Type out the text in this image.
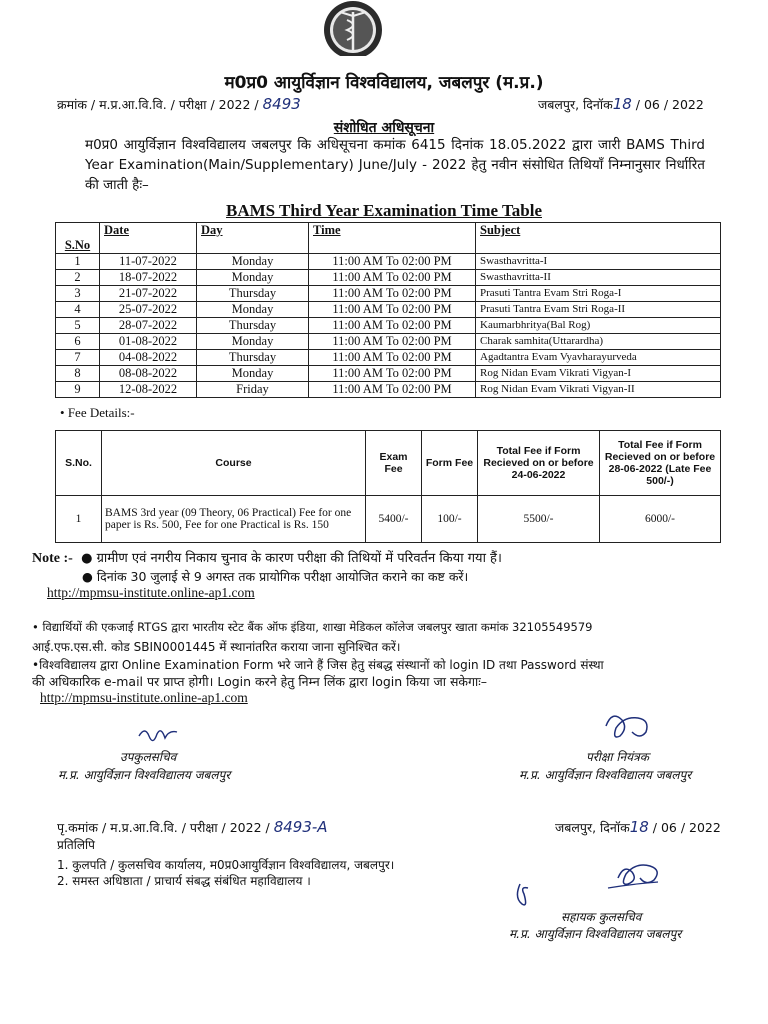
म0प्र0 आयुर्विज्ञान विश्वविद्यालय, जबलपुर (म.प्र.)
क्रमांक / म.प्र.आ.वि.वि. / परीक्षा / 2022 / 8493	जबलपुर, दिनॉक18 / 06 / 2022
संशोधित अधिसूचना
म0प्र0 आयुर्विज्ञान विश्वविद्यालय जबलपुर कि अधिसूचना कमांक 6415 दिनांक 18.05.2022 द्वारा जारी BAMS Third Year Examination(Main/Supplementary) June/July - 2022 हेतु नवीन संसोधित तिथियाँ निम्नानुसार निर्धारित की जाती हैः–
BAMS Third Year Examination Time Table
S.No	Date	Day	Time	Subject
1	11-07-2022	Monday	11:00 AM To 02:00 PM	Swasthavritta-I
2	18-07-2022	Monday	11:00 AM To 02:00 PM	Swasthavritta-II
3	21-07-2022	Thursday	11:00 AM To 02:00 PM	Prasuti Tantra Evam Stri Roga-I
4	25-07-2022	Monday	11:00 AM To 02:00 PM	Prasuti Tantra Evam Stri Roga-II
5	28-07-2022	Thursday	11:00 AM To 02:00 PM	Kaumarbhritya(Bal Rog)
6	01-08-2022	Monday	11:00 AM To 02:00 PM	Charak samhita(Uttarardha)
7	04-08-2022	Thursday	11:00 AM To 02:00 PM	Agadtantra Evam Vyavharayurveda
8	08-08-2022	Monday	11:00 AM To 02:00 PM	Rog Nidan Evam Vikrati Vigyan-I
9	12-08-2022	Friday	11:00 AM To 02:00 PM	Rog Nidan Evam Vikrati Vigyan-II
• Fee Details:-
S.No.	Course	Exam Fee	Form Fee	Total Fee if Form Recieved on or before 24-06-2022	Total Fee if Form Recieved on or before 28-06-2022 (Late Fee 500/-)
1	BAMS 3rd year (09 Theory, 06 Practical) Fee for one paper is Rs. 500, Fee for one Practical is Rs. 150	5400/-	100/-	5500/-	6000/-
Note :-  ● ग्रामीण एवं नगरीय निकाय चुनाव के कारण परीक्षा की तिथियों में परिवर्तन किया गया हैं।
● दिनांक 30 जुलाई से 9 अगस्त तक प्रायोगिक परीक्षा आयोजित कराने का कष्ट करें।
http://mpmsu-institute.online-ap1.com
• विद्यार्थियों की एकजाई RTGS द्वारा भारतीय स्टेट बैंक ऑफ इंडिया, शाखा मेडिकल कॉलेज जबलपुर खाता कमांक 32105549579
आई.एफ.एस.सी. कोड SBIN0001445 में स्थानांतरित कराया जाना सुनिश्चित करें।
•विश्वविद्यालय द्वारा Online Examination Form भरे जाने हैं जिस हेतु संबद्ध संस्थानों को login ID तथा Password संस्था
की अधिकारिक e-mail पर प्राप्त होगी। Login करने हेतु निम्न लिंक द्वारा login किया जा सकेगाः–
http://mpmsu-institute.online-ap1.com
उपकुलसचिव
म.प्र. आयुर्विज्ञान विश्वविद्यालय जबलपुर
परीक्षा नियंत्रक
म.प्र. आयुर्विज्ञान विश्वविद्यालय जबलपुर
पृ.कमांक / म.प्र.आ.वि.वि. / परीक्षा / 2022 / 8493-A	जबलपुर, दिनॉक18 / 06 / 2022
प्रतिलिपि
1. कुलपति / कुलसचिव कार्यालय, म0प्र0आयुर्विज्ञान विश्वविद्यालय, जबलपुर।
2. समस्त अधिष्ठाता / प्राचार्य संबद्ध संबंधित महाविद्यालय ।
सहायक कुलसचिव
म.प्र. आयुर्विज्ञान विश्वविद्यालय जबलपुर
